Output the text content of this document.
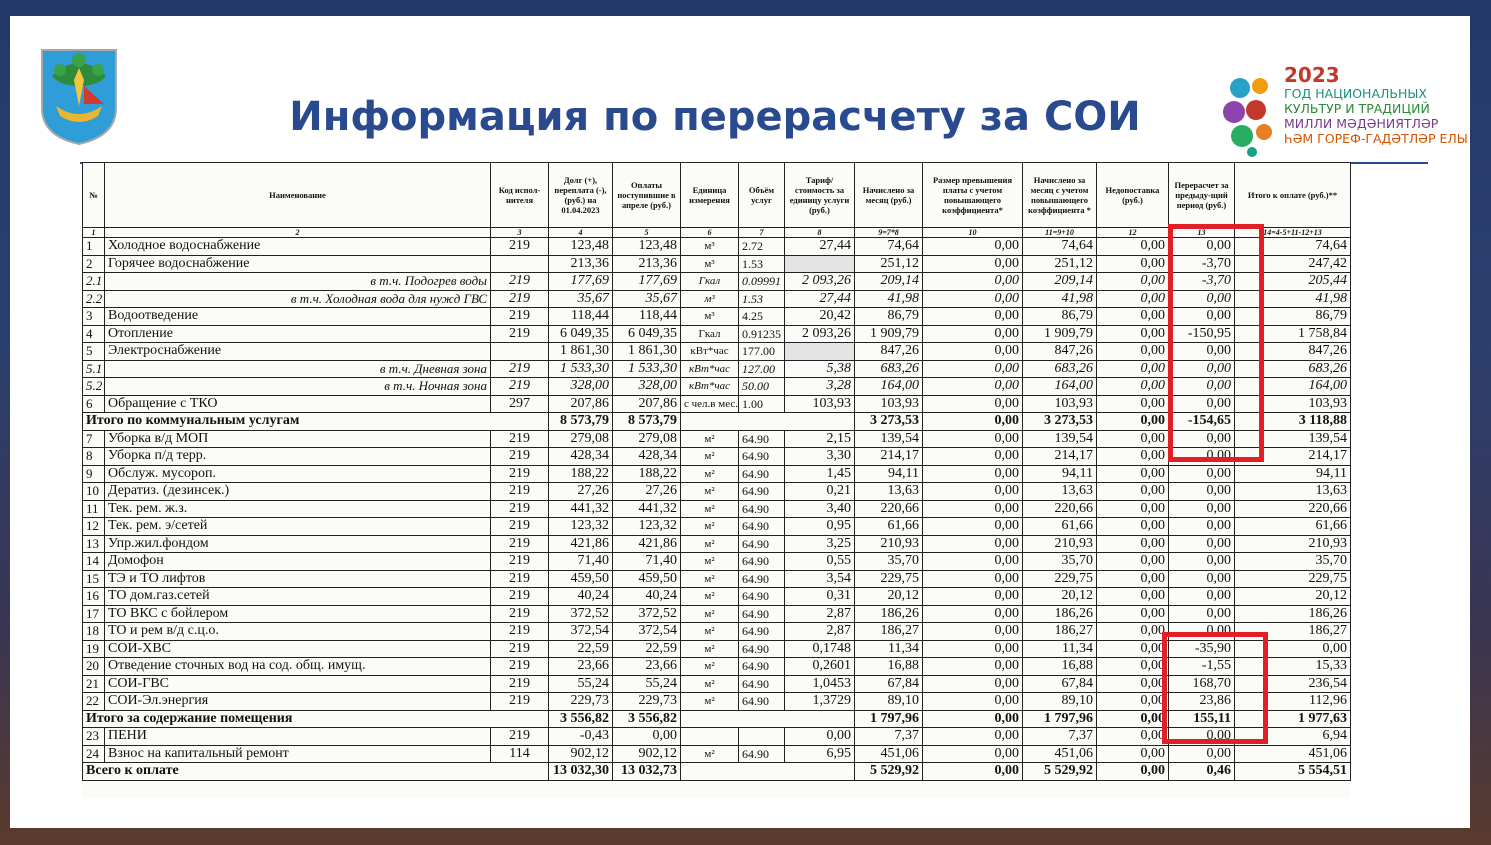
Информация по перерасчету за СОИ
2023
ГОД НАЦИОНАЛЬНЫХ
КУЛЬТУР И ТРАДИЦИЙ
МИЛЛИ МӘДӘНИЯТЛӘР
ҺӘМ ГОРЕФ-ГАДӘТЛӘР ЕЛЫ
№	Наименование	Код испол-нителя	Долг (+), переплата (-), (руб.) на 01.04.2023	Оплаты поступившие в апреле (руб.)	Единица измерения	Объём услуг	Тариф/ стоимость за единицу услуги (руб.)	Начислено за месяц (руб.)	Размер превышения платы с учетом повышающего коэффициента*	Начислено за месяц с учетом повышающего коэффициента *	Недопоставка (руб.)	Перерасчет за предыду-щий период (руб.)	Итого к оплате (руб.)**
1	2	3	4	5	6	7	8	9=7*8	10	11=9+10	12	13	14=4-5+11-12+13
1	Холодное водоснабжение	219	123,48	123,48	м³	2.72	27,44	74,64	0,00	74,64	0,00	0,00	74,64
2	Горячее водоснабжение		213,36	213,36	м³	1.53		251,12	0,00	251,12	0,00	-3,70	247,42
2.1	в т.ч. Подогрев воды	219	177,69	177,69	Гкал	0.09991	2 093,26	209,14	0,00	209,14	0,00	-3,70	205,44
2.2	в т.ч. Холодная вода для нужд ГВС	219	35,67	35,67	м³	1.53	27,44	41,98	0,00	41,98	0,00	0,00	41,98
3	Водоотведение	219	118,44	118,44	м³	4.25	20,42	86,79	0,00	86,79	0,00	0,00	86,79
4	Отопление	219	6 049,35	6 049,35	Гкал	0.91235	2 093,26	1 909,79	0,00	1 909,79	0,00	-150,95	1 758,84
5	Электроснабжение		1 861,30	1 861,30	кВт*час	177.00		847,26	0,00	847,26	0,00	0,00	847,26
5.1	в т.ч. Дневная зона	219	1 533,30	1 533,30	кВт*час	127.00	5,38	683,26	0,00	683,26	0,00	0,00	683,26
5.2	в т.ч. Ночная зона	219	328,00	328,00	кВт*час	50.00	3,28	164,00	0,00	164,00	0,00	0,00	164,00
6	Обращение с ТКО	297	207,86	207,86	с чел.в мес.	1.00	103,93	103,93	0,00	103,93	0,00	0,00	103,93
Итого по коммунальным услугам			8 573,79	8 573,79				3 273,53	0,00	3 273,53	0,00	-154,65	3 118,88
7	Уборка в/д МОП	219	279,08	279,08	м²	64.90	2,15	139,54	0,00	139,54	0,00	0,00	139,54
8	Уборка п/д терр.	219	428,34	428,34	м²	64.90	3,30	214,17	0,00	214,17	0,00	0,00	214,17
9	Обслуж. мусороп.	219	188,22	188,22	м²	64.90	1,45	94,11	0,00	94,11	0,00	0,00	94,11
10	Дератиз. (дезинсек.)	219	27,26	27,26	м²	64.90	0,21	13,63	0,00	13,63	0,00	0,00	13,63
11	Тек. рем. ж.з.	219	441,32	441,32	м²	64.90	3,40	220,66	0,00	220,66	0,00	0,00	220,66
12	Тек. рем. э/сетей	219	123,32	123,32	м²	64.90	0,95	61,66	0,00	61,66	0,00	0,00	61,66
13	Упр.жил.фондом	219	421,86	421,86	м²	64.90	3,25	210,93	0,00	210,93	0,00	0,00	210,93
14	Домофон	219	71,40	71,40	м²	64.90	0,55	35,70	0,00	35,70	0,00	0,00	35,70
15	ТЭ и ТО лифтов	219	459,50	459,50	м²	64.90	3,54	229,75	0,00	229,75	0,00	0,00	229,75
16	ТО дом.газ.сетей	219	40,24	40,24	м²	64.90	0,31	20,12	0,00	20,12	0,00	0,00	20,12
17	ТО ВКС с бойлером	219	372,52	372,52	м²	64.90	2,87	186,26	0,00	186,26	0,00	0,00	186,26
18	ТО и рем в/д с.ц.о.	219	372,54	372,54	м²	64.90	2,87	186,27	0,00	186,27	0,00	0,00	186,27
19	СОИ-ХВС	219	22,59	22,59	м²	64.90	0,1748	11,34	0,00	11,34	0,00	-35,90	0,00
20	Отведение сточных вод на сод. общ. имущ.	219	23,66	23,66	м²	64.90	0,2601	16,88	0,00	16,88	0,00	-1,55	15,33
21	СОИ-ГВС	219	55,24	55,24	м²	64.90	1,0453	67,84	0,00	67,84	0,00	168,70	236,54
22	СОИ-Эл.энергия	219	229,73	229,73	м²	64.90	1,3729	89,10	0,00	89,10	0,00	23,86	112,96
Итого за содержание помещения			3 556,82	3 556,82				1 797,96	0,00	1 797,96	0,00	155,11	1 977,63
23	ПЕНИ	219	-0,43	0,00			0,00	7,37	0,00	7,37	0,00	0,00	6,94
24	Взнос на капитальный ремонт	114	902,12	902,12	м²	64.90	6,95	451,06	0,00	451,06	0,00	0,00	451,06
Всего к оплате			13 032,30	13 032,73				5 529,92	0,00	5 529,92	0,00	0,46	5 554,51
